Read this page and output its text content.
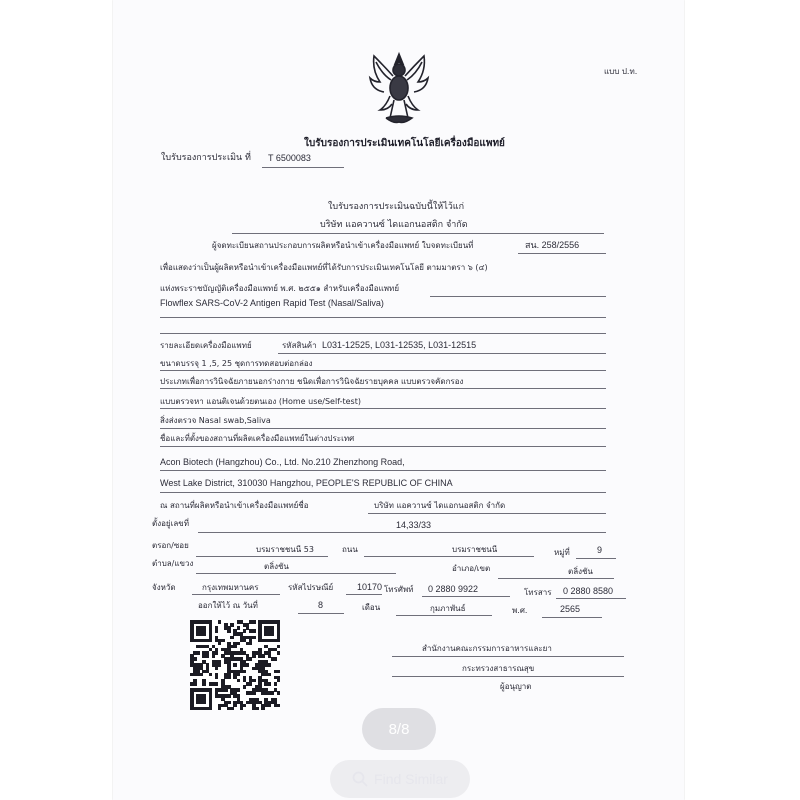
แบบ ป.ท.
ใบรับรองการประเมินเทคโนโลยีเครื่องมือแพทย์
ใบรับรองการประเมิน ที่ T 6500083
ใบรับรองการประเมินฉบับนี้ให้ไว้แก่
บริษัท แอควานซ์ ไดแอกนอสติก จำกัด
ผู้จดทะเบียนสถานประกอบการผลิตหรือนำเข้าเครื่องมือแพทย์ ใบจดทะเบียนที่	สน. 258/2556
เพื่อแสดงว่าเป็นผู้ผลิตหรือนำเข้าเครื่องมือแพทย์ที่ได้รับการประเมินเทคโนโลยี ตามมาตรา ๖ (๔)
แห่งพระราชบัญญัติเครื่องมือแพทย์ พ.ศ. ๒๕๕๑ สำหรับเครื่องมือแพทย์
Flowflex SARS-CoV-2 Antigen Rapid Test (Nasal/Saliva)
รายละเอียดเครื่องมือแพทย์	รหัสสินค้า L031-12525, L031-12535, L031-12515
ขนาดบรรจุ 1 ,5, 25 ชุดการทดสอบต่อกล่อง
ประเภทเพื่อการวินิจฉัยภายนอกร่างกาย ชนิดเพื่อการวินิจฉัยรายบุคคล แบบตรวจคัดกรอง
แบบตรวจหา แอนติเจนด้วยตนเอง (Home use/Self-test)
สิ่งส่งตรวจ Nasal swab,Saliva
ชื่อและที่ตั้งของสถานที่ผลิตเครื่องมือแพทย์ในต่างประเทศ
Acon Biotech (Hangzhou) Co., Ltd. No.210 Zhenzhong Road,
West Lake District, 310030 Hangzhou, PEOPLE'S REPUBLIC OF CHINA
ณ สถานที่ผลิตหรือนำเข้าเครื่องมือแพทย์ชื่อ	บริษัท แอควานซ์ ไดแอกนอสติก จำกัด
ตั้งอยู่เลขที่	14,33/33
ตรอก/ซอย	บรมราชชนนี 53	ถนน	บรมราชชนนี	หมู่ที่	9
ตำบล/แขวง	ตลิ่งชัน	อำเภอ/เขต	ตลิ่งชัน
จังหวัด	กรุงเทพมหานคร	รหัสไปรษณีย์	10170 โทรศัพท์ 0 2880 9922	โทรสาร 0 2880 8580
ออกให้ไว้ ณ วันที่	8	เดือน	กุมภาพันธ์	พ.ศ.	2565
สำนักงานคณะกรรมการอาหารและยา
กระทรวงสาธารณสุข
ผู้อนุญาต
8/8
Find Similar
